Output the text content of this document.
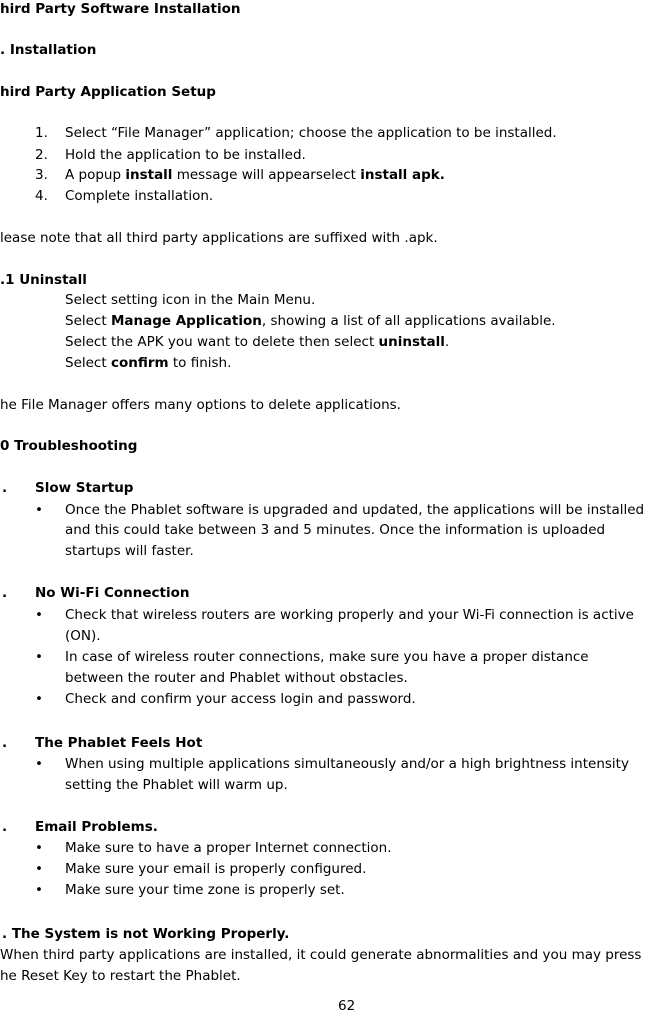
hird Party Software Installation
. Installation
hird Party Application Setup
1. Select “File Manager” application; choose the application to be installed.
2. Hold the application to be installed.
3. A popup install message will appearselect install apk.
4. Complete installation.
lease note that all third party applications are suffixed with .apk.
.1 Uninstall
Select setting icon in the Main Menu.
Select Manage Application, showing a list of all applications available.
Select the APK you want to delete then select uninstall.
Select confirm to finish.
he File Manager offers many options to delete applications.
0 Troubleshooting
. Slow Startup
• Once the Phablet software is upgraded and updated, the applications will be installed
and this could take between 3 and 5 minutes. Once the information is uploaded
startups will faster.
. No Wi-Fi Connection
• Check that wireless routers are working properly and your Wi-Fi connection is active
(ON).
• In case of wireless router connections, make sure you have a proper distance
between the router and Phablet without obstacles.
• Check and confirm your access login and password.
. The Phablet Feels Hot
• When using multiple applications simultaneously and/or a high brightness intensity
setting the Phablet will warm up.
. Email Problems.
• Make sure to have a proper Internet connection.
• Make sure your email is properly configured.
• Make sure your time zone is properly set.
. The System is not Working Properly.
When third party applications are installed, it could generate abnormalities and you may press
he Reset Key to restart the Phablet.
62
